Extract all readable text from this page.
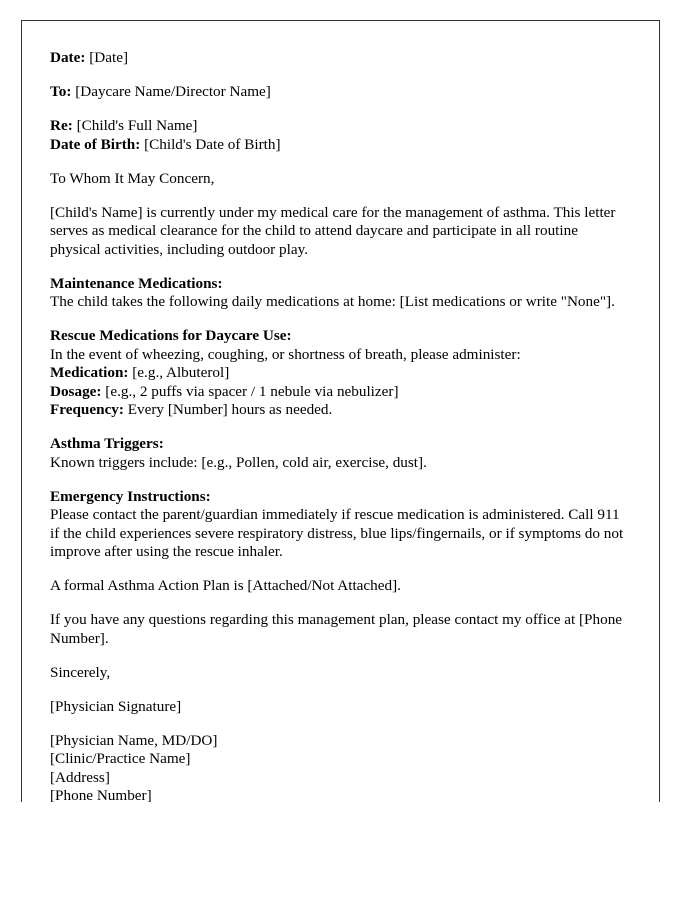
Date: [Date]
To: [Daycare Name/Director Name]

Re: [Child's Full Name]

Date of Birth: [Child's Date of Birth]

To Whom It May Concern,
[Child's Name] is currently under my medical care for the management of asthma. This letter serves as medical clearance for the child to attend daycare and participate in all routine physical activities, including outdoor play.

Maintenance Medications:

The child takes the following daily medications at home: [List medications or write "None"].

Rescue Medications for Daycare Use:

In the event of wheezing, coughing, or shortness of breath, please administer:

Medication: [e.g., Albuterol]

Dosage: [e.g., 2 puffs via spacer / 1 nebule via nebulizer]

Frequency: Every [Number] hours as needed.

Asthma Triggers:

Known triggers include: [e.g., Pollen, cold air, exercise, dust].

Emergency Instructions:

Please contact the parent/guardian immediately if rescue medication is administered. Call 911 if the child experiences severe respiratory distress, blue lips/fingernails, or if symptoms do not improve after using the rescue inhaler.

A formal Asthma Action Plan is [Attached/Not Attached].
If you have any questions regarding this management plan, please contact my office at [Phone Number].
Sincerely,
[Physician Signature]

[Physician Name, MD/DO]

[Clinic/Practice Name]

[Address]

[Phone Number]
